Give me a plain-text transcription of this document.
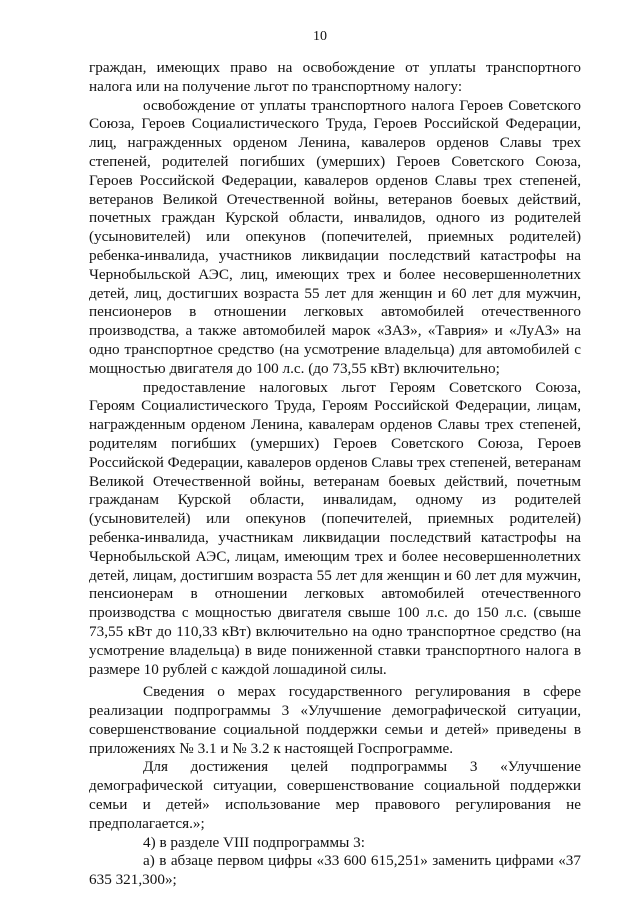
10

граждан, имеющих право на освобождение от уплаты транспортного налога или на получение льгот по транспортному налогу:

освобождение от уплаты транспортного налога Героев Советского Союза, Героев Социалистического Труда, Героев Российской Федерации, лиц, награжденных орденом Ленина, кавалеров орденов Славы трех степеней, родителей погибших (умерших) Героев Советского Союза, Героев Российской Федерации, кавалеров орденов Славы трех степеней, ветеранов Великой Отечественной войны, ветеранов боевых действий, почетных граждан Курской области, инвалидов, одного из родителей (усыновителей) или опекунов (попечителей, приемных родителей) ребенка-инвалида, участников ликвидации последствий катастрофы на Чернобыльской АЭС, лиц, имеющих трех и более несовершеннолетних детей, лиц, достигших возраста 55 лет для женщин и 60 лет для мужчин, пенсионеров в отношении легковых автомобилей отечественного производства, а также автомобилей марок «ЗАЗ», «Таврия» и «ЛуАЗ» на одно транспортное средство (на усмотрение владельца) для автомобилей с мощностью двигателя до 100 л.с. (до 73,55 кВт) включительно;

предоставление налоговых льгот Героям Советского Союза, Героям Социалистического Труда, Героям Российской Федерации, лицам, награжденным орденом Ленина, кавалерам орденов Славы трех степеней, родителям погибших (умерших) Героев Советского Союза, Героев Российской Федерации, кавалеров орденов Славы трех степеней, ветеранам Великой Отечественной войны, ветеранам боевых действий, почетным гражданам Курской области, инвалидам, одному из родителей (усыновителей) или опекунов (попечителей, приемных родителей) ребенка-инвалида, участникам ликвидации последствий катастрофы на Чернобыльской АЭС, лицам, имеющим трех и более несовершеннолетних детей, лицам, достигшим возраста 55 лет для женщин и 60 лет для мужчин, пенсионерам в отношении легковых автомобилей отечественного производства с мощностью двигателя свыше 100 л.с. до 150 л.с. (свыше 73,55 кВт до 110,33 кВт) включительно на одно транспортное средство (на усмотрение владельца) в виде пониженной ставки транспортного налога в размере 10 рублей с каждой лошадиной силы.

Сведения о мерах государственного регулирования в сфере реализации подпрограммы 3 «Улучшение демографической ситуации, совершенствование социальной поддержки семьи и детей» приведены в приложениях № 3.1 и № 3.2 к настоящей Госпрограмме.

Для достижения целей подпрограммы 3 «Улучшение демографической ситуации, совершенствование социальной поддержки семьи и детей» использование мер правового регулирования не предполагается.»;

4) в разделе VIII подпрограммы 3:

а) в абзаце первом цифры «33 600 615,251» заменить цифрами «37 635 321,300»;
